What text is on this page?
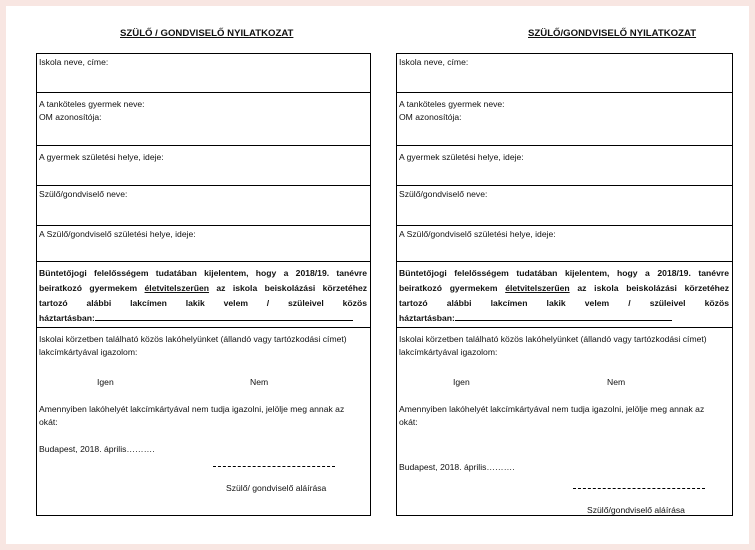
SZÜLŐ / GONDVISELŐ NYILATKOZAT
Iskola neve, címe:
A tanköteles gyermek neve:
OM azonosítója:
A gyermek születési helye, ideje:
Szülő/gondviselő neve:
A Szülő/gondviselő születési helye, ideje:
Büntetőjogi felelősségem tudatában kijelentem, hogy a 2018/19. tanévre
beiratkozó gyermekem életvitelszerűen az iskola beiskolázási körzetéhez
tartozó alábbi lakcímen lakik velem / szüleivel közös
háztartásban:
Iskolai körzetben található közös lakóhelyünket (állandó vagy tartózkodási címet)
lakcímkártyával igazolom:
Igen	Nem
Amennyiben lakóhelyét lakcímkártyával nem tudja igazolni, jelölje meg annak az
okát:
Budapest, 2018. április……….
Szülő/ gondviselő aláírása
SZÜLŐ/GONDVISELŐ NYILATKOZAT
Iskola neve, címe:
A tanköteles gyermek neve:
OM azonosítója:
A gyermek születési helye, ideje:
Szülő/gondviselő neve:
A Szülő/gondviselő születési helye, ideje:
Büntetőjogi felelősségem tudatában kijelentem, hogy a 2018/19. tanévre
beiratkozó gyermekem életvitelszerűen az iskola beiskolázási körzetéhez
tartozó alábbi lakcímen lakik velem / szüleivel közös
háztartásban:
Iskolai körzetben található közös lakóhelyünket (állandó vagy tartózkodási címet)
lakcímkártyával igazolom:
Igen	Nem
Amennyiben lakóhelyét lakcímkártyával nem tudja igazolni, jelölje meg annak az
okát:
Budapest, 2018. április……….
Szülő/gondviselő aláírása
